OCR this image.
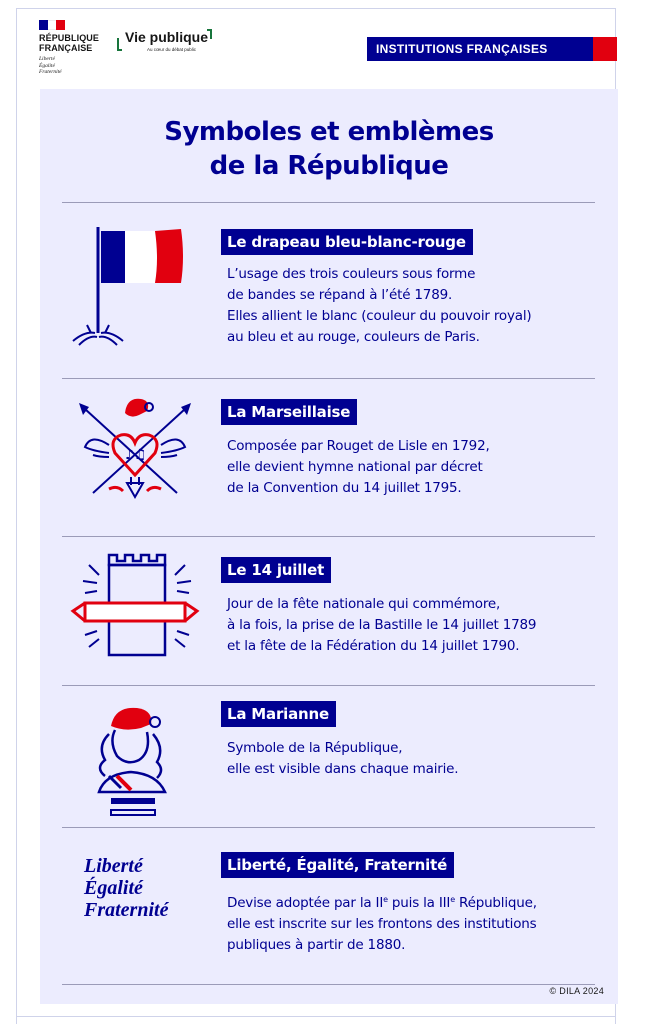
RÉPUBLIQUE
FRANÇAISE
Liberté
Égalité
Fraternité
Vie publique
Au cœur du débat public	INSTITUTIONS FRANÇAISES
Symboles et emblèmes
de la République
Le drapeau bleu-blanc-rouge
L’usage des trois couleurs sous forme
de bandes se répand à l’été 1789.
Elles allient le blanc (couleur du pouvoir royal)
au bleu et au rouge, couleurs de Paris.
♪♫
La Marseillaise
Composée par Rouget de Lisle en 1792,
elle devient hymne national par décret
de la Convention du 14 juillet 1795.
Le 14 juillet
Jour de la fête nationale qui commémore,
à la fois, la prise de la Bastille le 14 juillet 1789
et la fête de la Fédération du 14 juillet 1790.
La Marianne
Symbole de la République,
elle est visible dans chaque mairie.
Liberté
Égalité
Fraternité
Liberté, Égalité, Fraternité
Devise adoptée par la IIe puis la IIIe République,
elle est inscrite sur les frontons des institutions
publiques à partir de 1880.
© DILA 2024
